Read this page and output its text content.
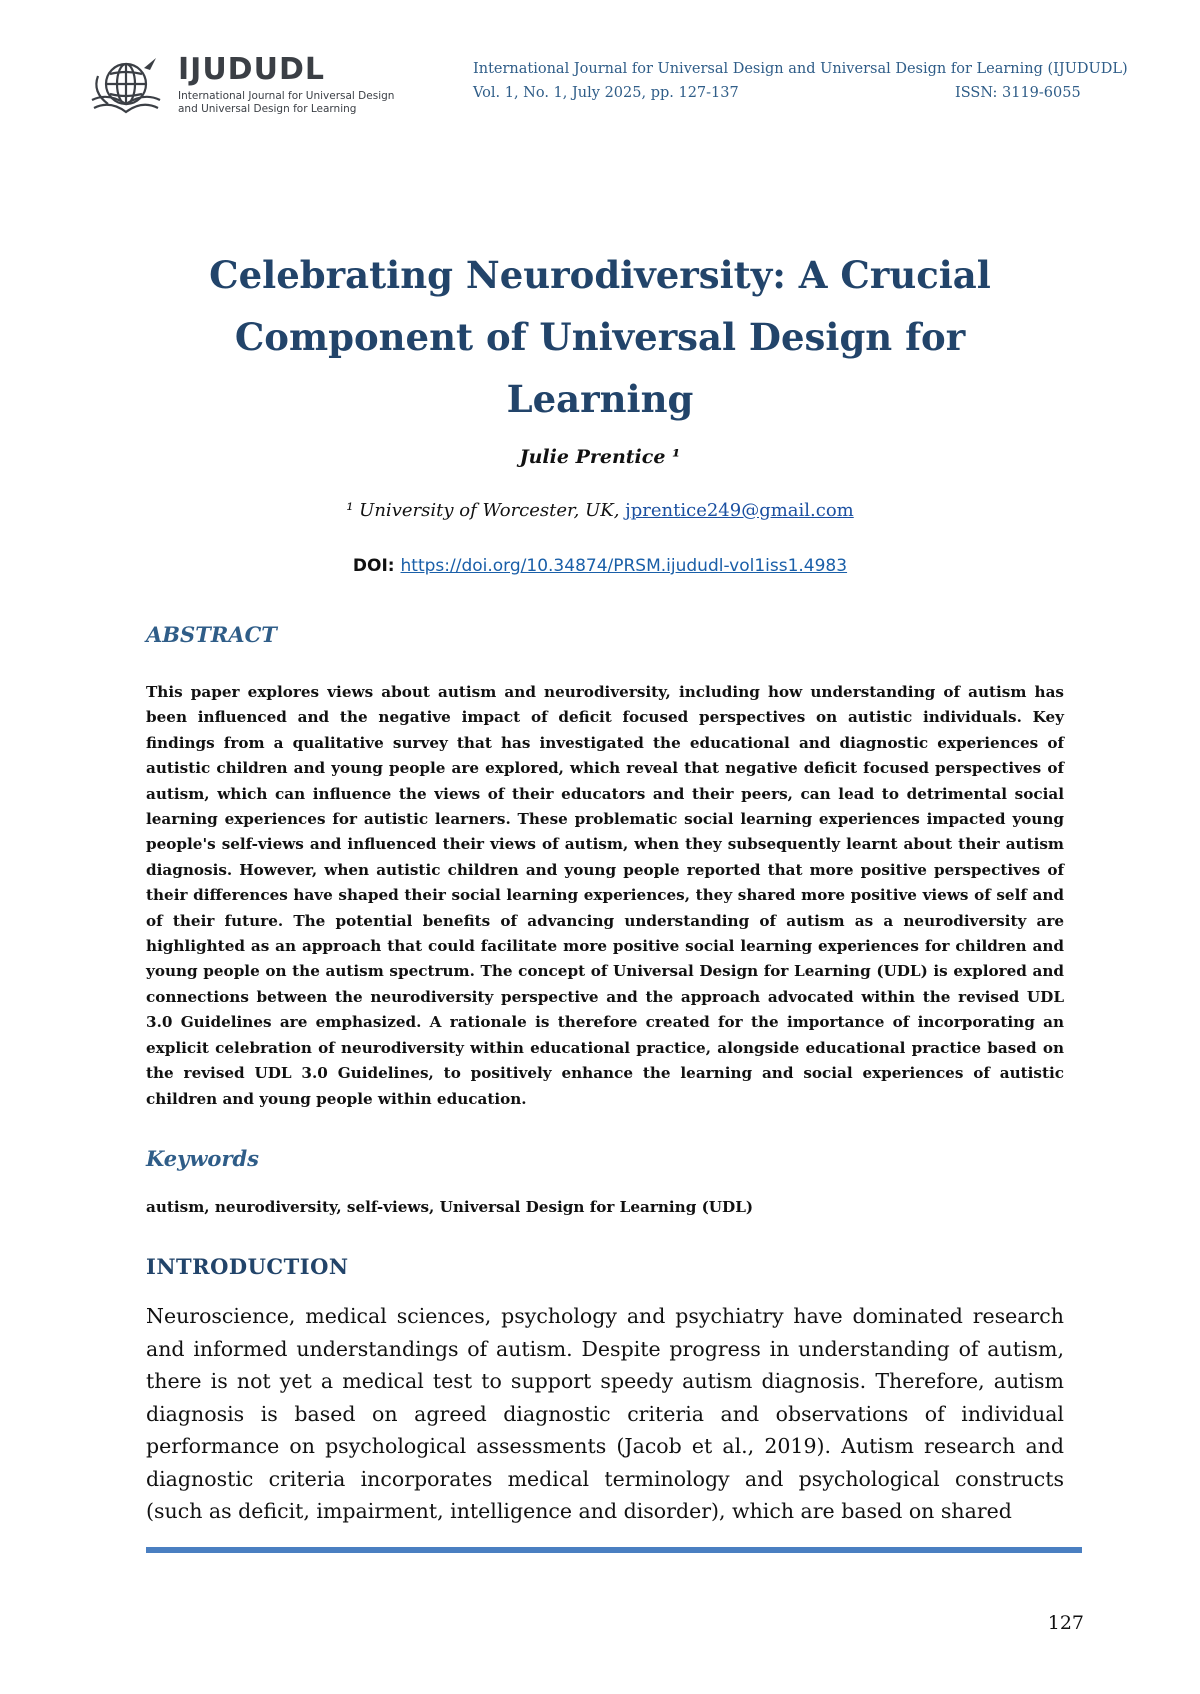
IJUDUDL
International Journal for Universal Design and Universal Design for Learning
International Journal for Universal Design and Universal Design for Learning (IJUDUDL)
Vol. 1, No. 1, July 2025, pp. 127-137	ISSN: 3119-6055
Celebrating Neurodiversity: A Crucial Component of Universal Design for Learning
Julie Prentice ¹
¹ University of Worcester, UK, jprentice249@gmail.com
DOI: https://doi.org/10.34874/PRSM.ijududl-vol1iss1.4983
ABSTRACT
This paper explores views about autism and neurodiversity, including how understanding of autism has been influenced and the negative impact of deficit focused perspectives on autistic individuals. Key findings from a qualitative survey that has investigated the educational and diagnostic experiences of autistic children and young people are explored, which reveal that negative deficit focused perspectives of autism, which can influence the views of their educators and their peers, can lead to detrimental social learning experiences for autistic learners. These problematic social learning experiences impacted young people's self-views and influenced their views of autism, when they subsequently learnt about their autism diagnosis. However, when autistic children and young people reported that more positive perspectives of their differences have shaped their social learning experiences, they shared more positive views of self and of their future. The potential benefits of advancing understanding of autism as a neurodiversity are highlighted as an approach that could facilitate more positive social learning experiences for children and young people on the autism spectrum. The concept of Universal Design for Learning (UDL) is explored and connections between the neurodiversity perspective and the approach advocated within the revised UDL 3.0 Guidelines are emphasized. A rationale is therefore created for the importance of incorporating an explicit celebration of neurodiversity within educational practice, alongside educational practice based on the revised UDL 3.0 Guidelines, to positively enhance the learning and social experiences of autistic children and young people within education.
Keywords
autism, neurodiversity, self-views, Universal Design for Learning (UDL)
INTRODUCTION
Neuroscience, medical sciences, psychology and psychiatry have dominated research and informed understandings of autism. Despite progress in understanding of autism, there is not yet a medical test to support speedy autism diagnosis. Therefore, autism diagnosis is based on agreed diagnostic criteria and observations of individual performance on psychological assessments (Jacob et al., 2019). Autism research and diagnostic criteria incorporates medical terminology and psychological constructs (such as deficit, impairment, intelligence and disorder), which are based on shared
127
